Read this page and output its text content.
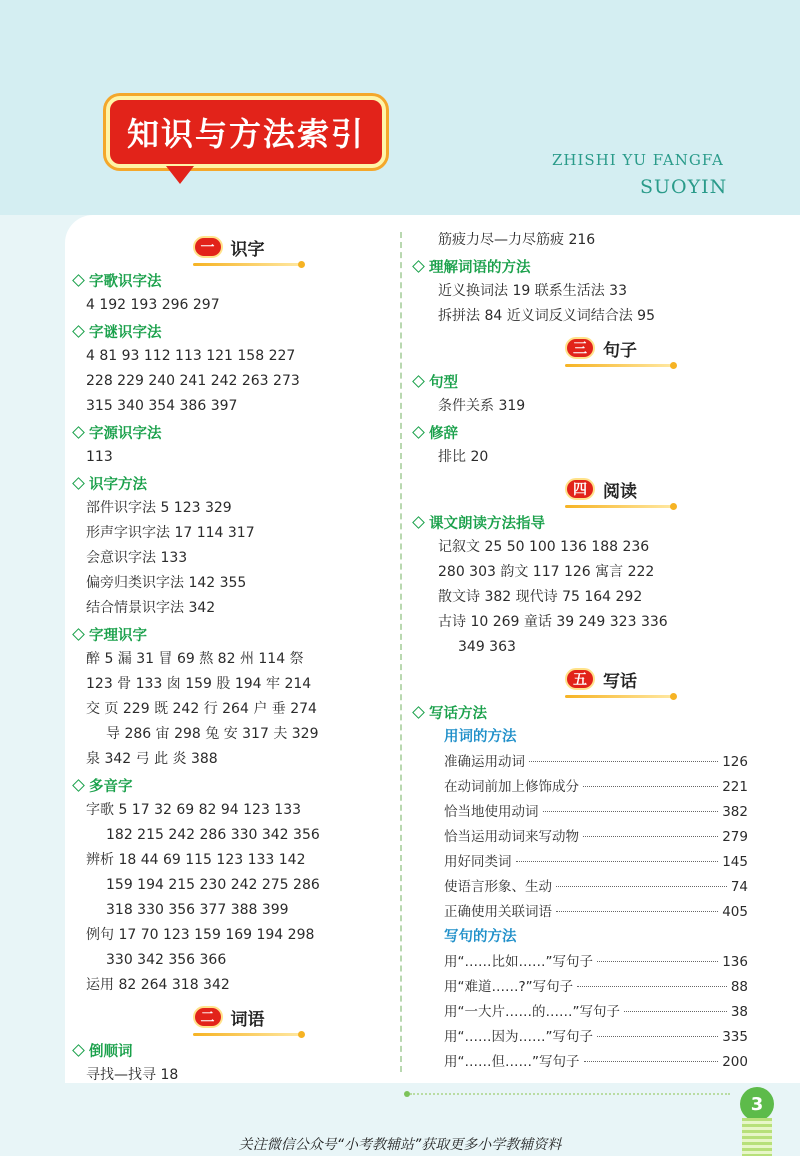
知识与方法索引
ZHISHI YU FANGFA
SUOYIN
一 识字
字歌识字法
4 192 193 296 297
字谜识字法
4 81 93 112 113 121 158 227
228 229 240 241 242 263 273
315 340 354 386 397
字源识字法
113
识字方法
部件识字法 5 123 329
形声字识字法 17 114 317
会意识字法 133
偏旁归类识字法 142 355
结合情景识字法 342
字理识字
醉 5 漏 31 冒 69 熬 82 州 114 祭
123 骨 133 囱 159 股 194 牢 214
交 页 229 既 242 行 264 户 垂 274
导 286 宙 298 兔 安 317 夫 329
泉 342 弓 此 炎 388
多音字
字歌 5 17 32 69 82 94 123 133
182 215 242 286 330 342 356
辨析 18 44 69 115 123 133 142
159 194 215 230 242 275 286
318 330 356 377 388 399
例句 17 70 123 159 169 194 298
330 342 356 366
运用 82 264 318 342
二 词语
倒顺词
寻找—找寻 18
筋疲力尽—力尽筋疲 216
理解词语的方法
近义换词法 19 联系生活法 33
拆拼法 84 近义词反义词结合法 95
三 句子
句型
条件关系 319
修辞
排比 20
四 阅读
课文朗读方法指导
记叙文 25 50 100 136 188 236
280 303 韵文 117 126 寓言 222
散文诗 382 现代诗 75 164 292
古诗 10 269 童话 39 249 323 336
349 363
五 写话
写话方法
用词的方法
准确运用动词	126
在动词前加上修饰成分	221
恰当地使用动词	382
恰当运用动词来写动物	279
用好同类词	145
使语言形象、生动	74
正确使用关联词语	405
写句的方法
用“……比如……”写句子	136
用“难道……?”写句子	88
用“一大片……的……”写句子	38
用“……因为……”写句子	335
用“……但……”写句子	200
3
关注微信公众号“小考教辅站”获取更多小学教辅资料
